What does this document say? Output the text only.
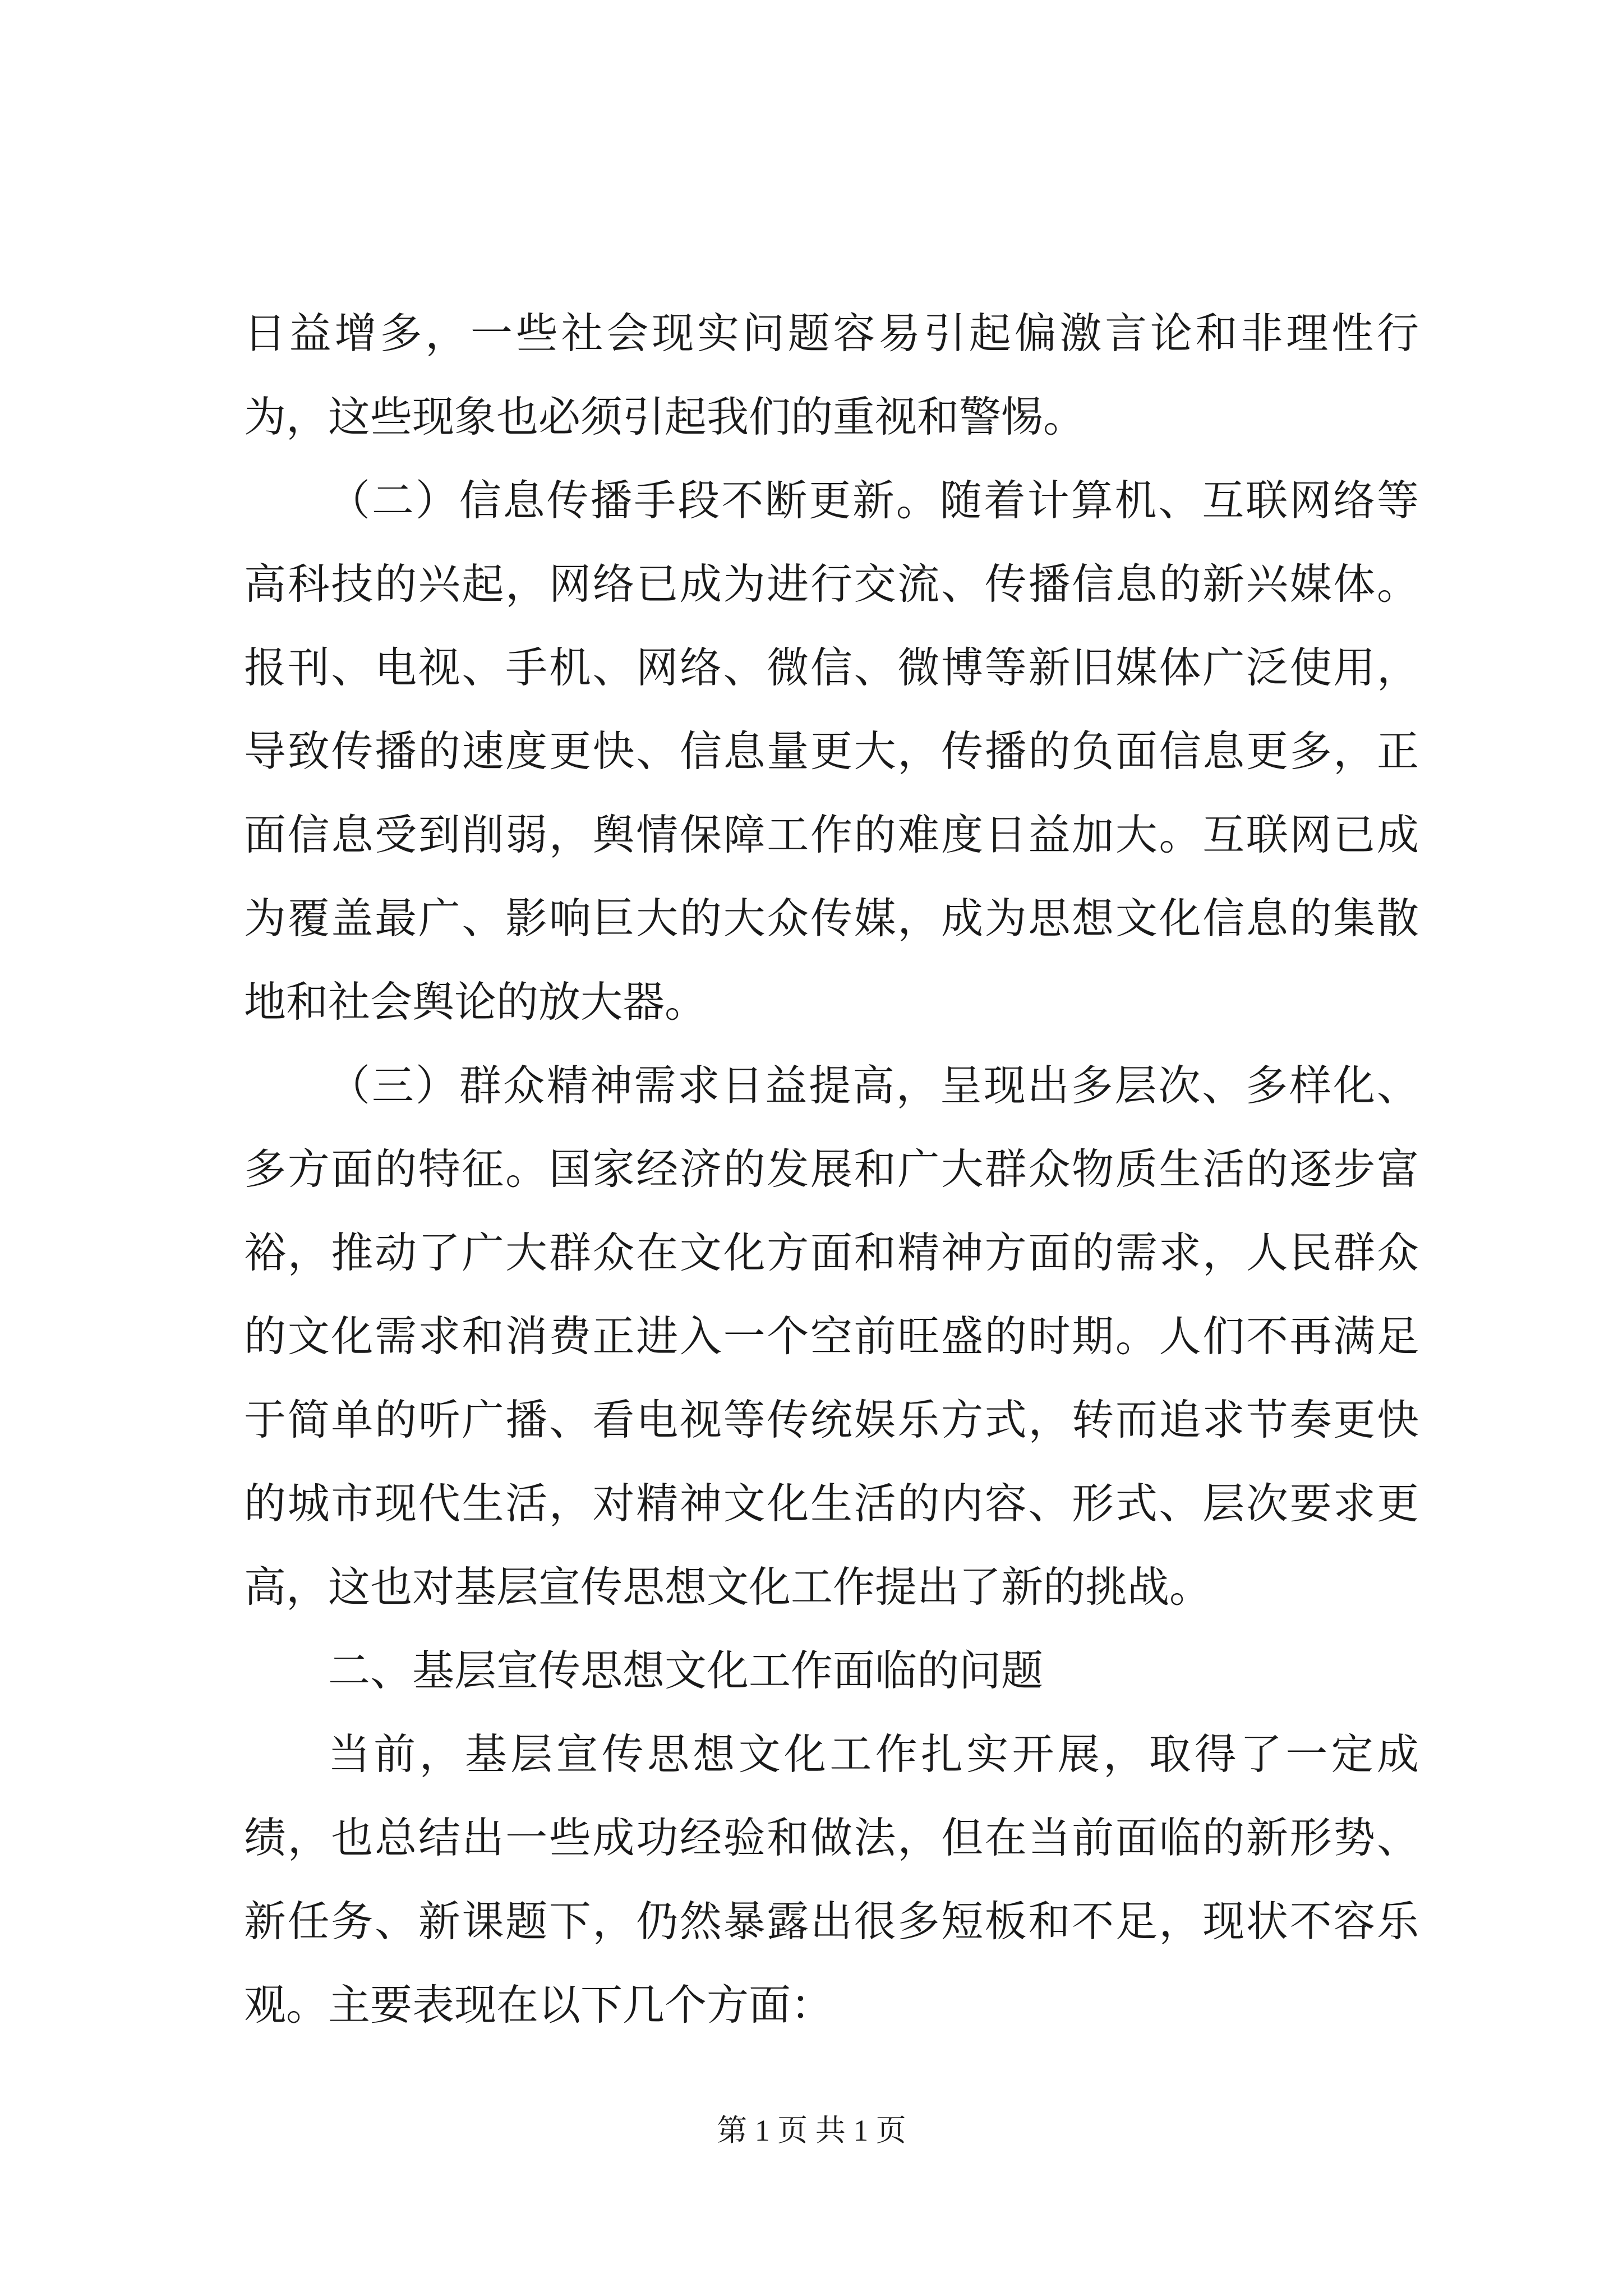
日益增多，一些社会现实问题容易引起偏激言论和非理性行为，这些现象也必须引起我们的重视和警惕。

（二）信息传播手段不断更新。随着计算机、互联网络等高科技的兴起，网络已成为进行交流、传播信息的新兴媒体。报刊、电视、手机、网络、微信、微博等新旧媒体广泛使用，导致传播的速度更快、信息量更大，传播的负面信息更多，正面信息受到削弱，舆情保障工作的难度日益加大。互联网已成为覆盖最广、影响巨大的大众传媒，成为思想文化信息的集散地和社会舆论的放大器。

（三）群众精神需求日益提高，呈现出多层次、多样化、多方面的特征。国家经济的发展和广大群众物质生活的逐步富裕，推动了广大群众在文化方面和精神方面的需求，人民群众的文化需求和消费正进入一个空前旺盛的时期。人们不再满足于简单的听广播、看电视等传统娱乐方式，转而追求节奏更快的城市现代生活，对精神文化生活的内容、形式、层次要求更高，这也对基层宣传思想文化工作提出了新的挑战。

二、基层宣传思想文化工作面临的问题

当前，基层宣传思想文化工作扎实开展，取得了一定成绩，也总结出一些成功经验和做法，但在当前面临的新形势、新任务、新课题下，仍然暴露出很多短板和不足，现状不容乐观。主要表现在以下几个方面：

第 1 页 共 1 页
